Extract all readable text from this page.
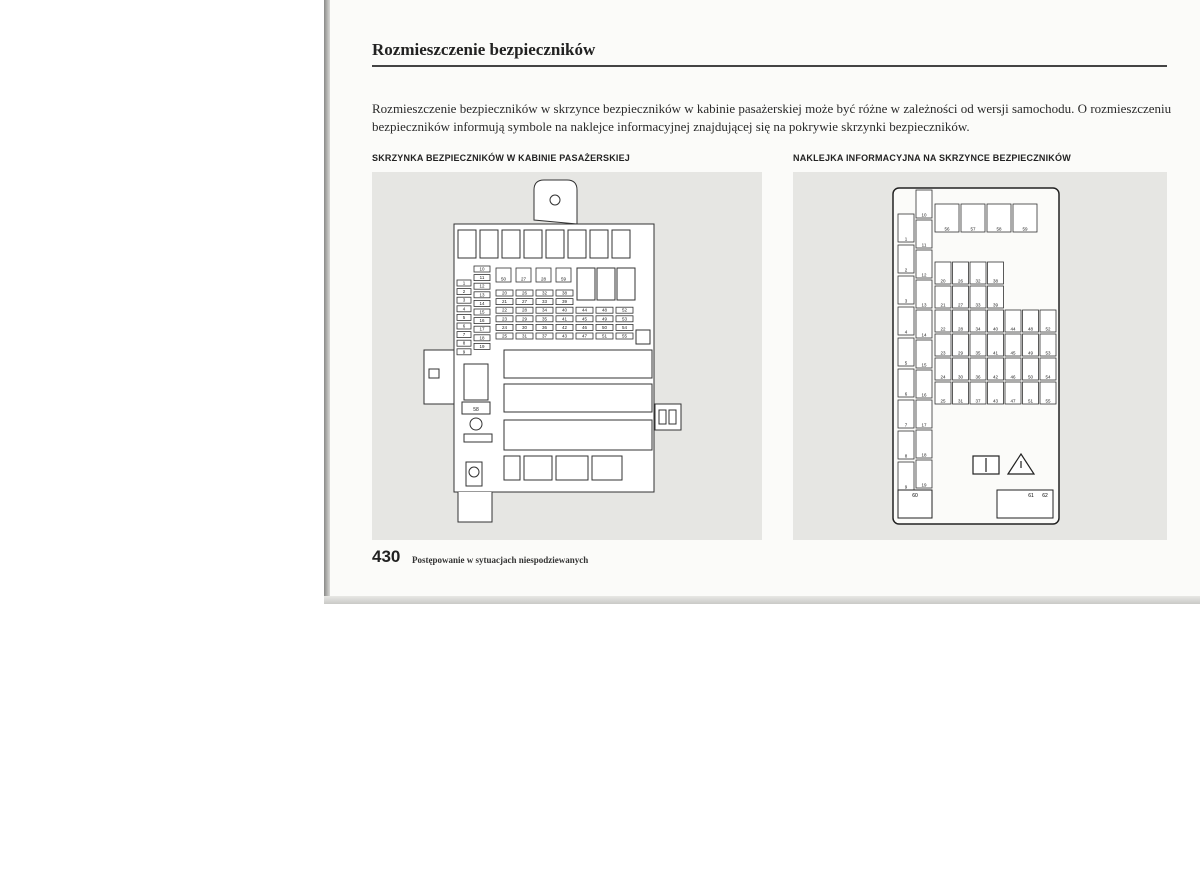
Rozmieszczenie bezpieczników
Rozmieszczenie bezpieczników w skrzynce bezpieczników w kabinie pasażerskiej może być różne w zależności od wersji samochodu. O rozmieszczeniu bezpieczników informują symbole na naklejce informacyjnej znajdującej się na pokrywie skrzynki bezpieczników.
SKRZYNKA BEZPIECZNIKÓW W KABINIE PASAŻERSKIEJ	NAKLEJKA INFORMACYJNA NA SKRZYNCE BEZPIECZNIKÓW
58
1
2
3
4
5
6
7
8
9
10
11
12
13
14
15
16
17
18
19
50	27	28	59
20	26	32	38
21	27	33	39
22	28	34	40	44	48	52
23	29	35	41	45	49	53
24	30	36	42	46	50	54
25	31	37	43	47	51	55
56	57	58	59
1
2
3
4
5
6
7
8
9
10
11
12
13
14
15
16
17
18
19
20	26	32	38
21	27	33	39
22	28	34	40	44	48	52
23	29	35	41	45	49	53
24	30	36	42	46	50	54
25	31	37	43	47	51	55
60	61 62
430 Postępowanie w sytuacjach niespodziewanych
